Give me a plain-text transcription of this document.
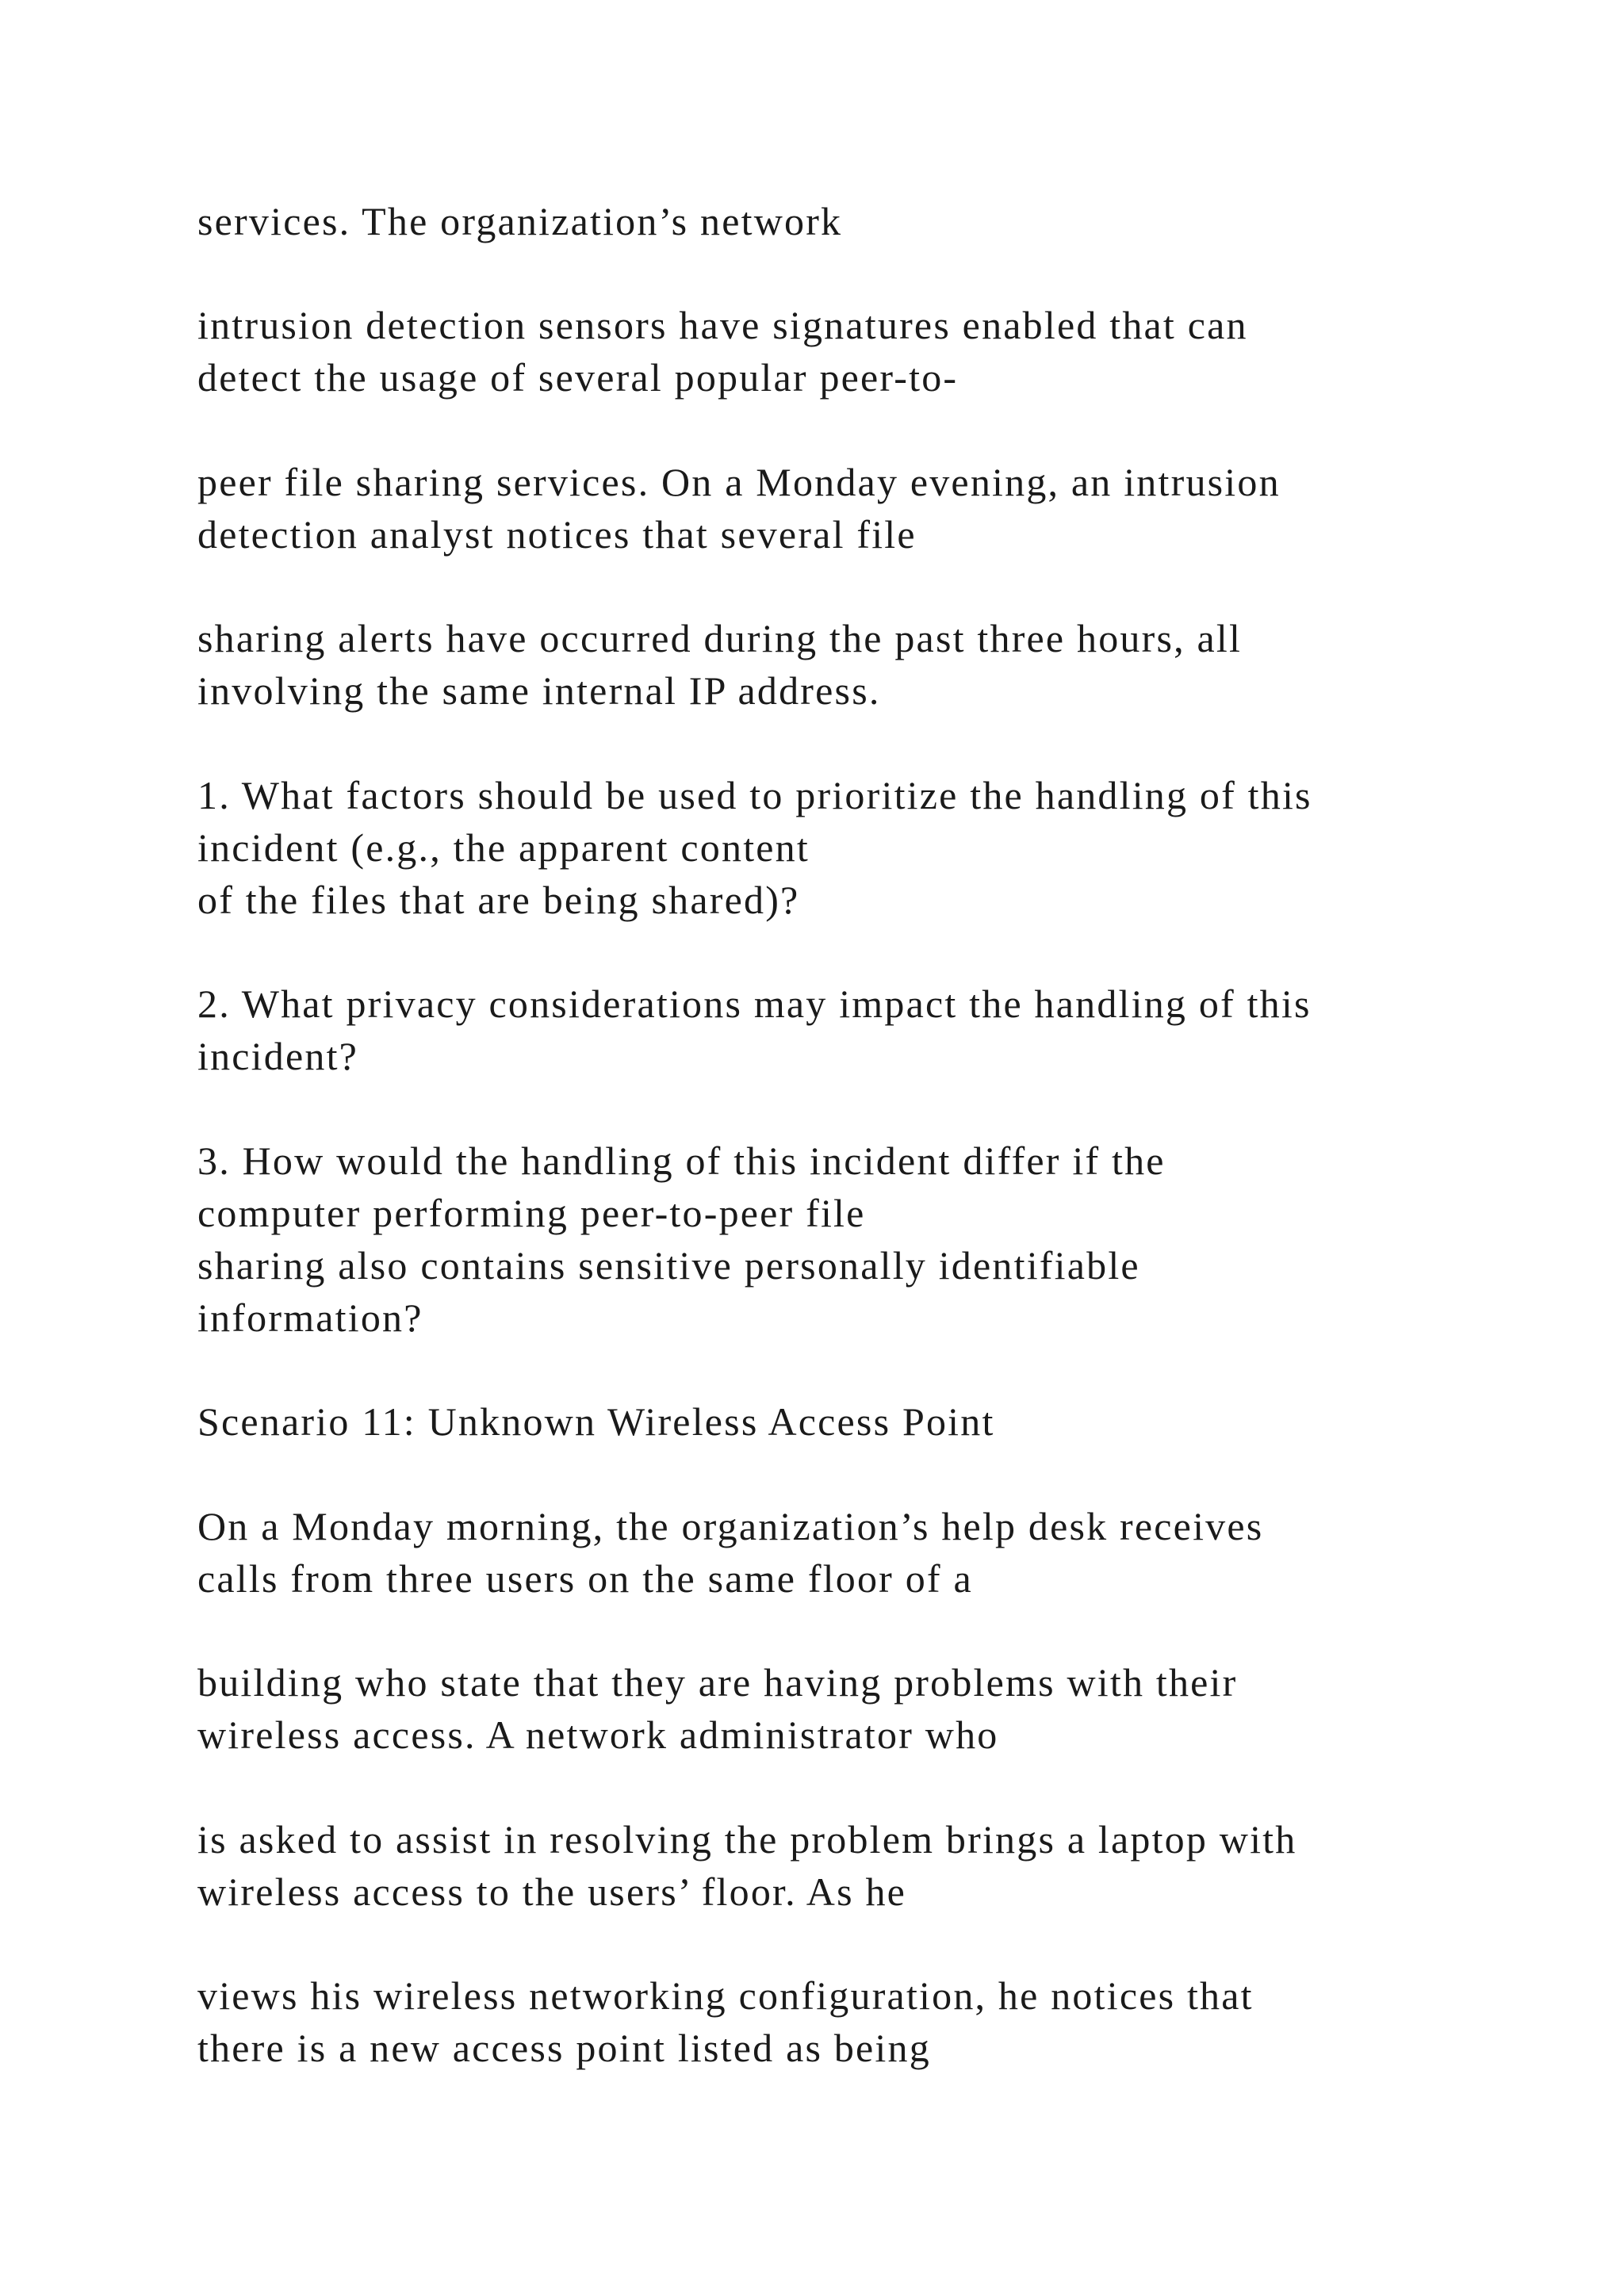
services. The organization’s network

intrusion detection sensors have signatures enabled that can

detect the usage of several popular peer-to-

peer file sharing services. On a Monday evening, an intrusion

detection analyst notices that several file

sharing alerts have occurred during the past three hours, all

involving the same internal IP address.

1. What factors should be used to prioritize the handling of this

incident (e.g., the apparent content

of the files that are being shared)?

2. What privacy considerations may impact the handling of this

incident?

3. How would the handling of this incident differ if the

computer performing peer-to-peer file

sharing also contains sensitive personally identifiable

information?

Scenario 11: Unknown Wireless Access Point

On a Monday morning, the organization’s help desk receives

calls from three users on the same floor of a

building who state that they are having problems with their

wireless access. A network administrator who

is asked to assist in resolving the problem brings a laptop with

wireless access to the users’ floor. As he

views his wireless networking configuration, he notices that

there is a new access point listed as being
